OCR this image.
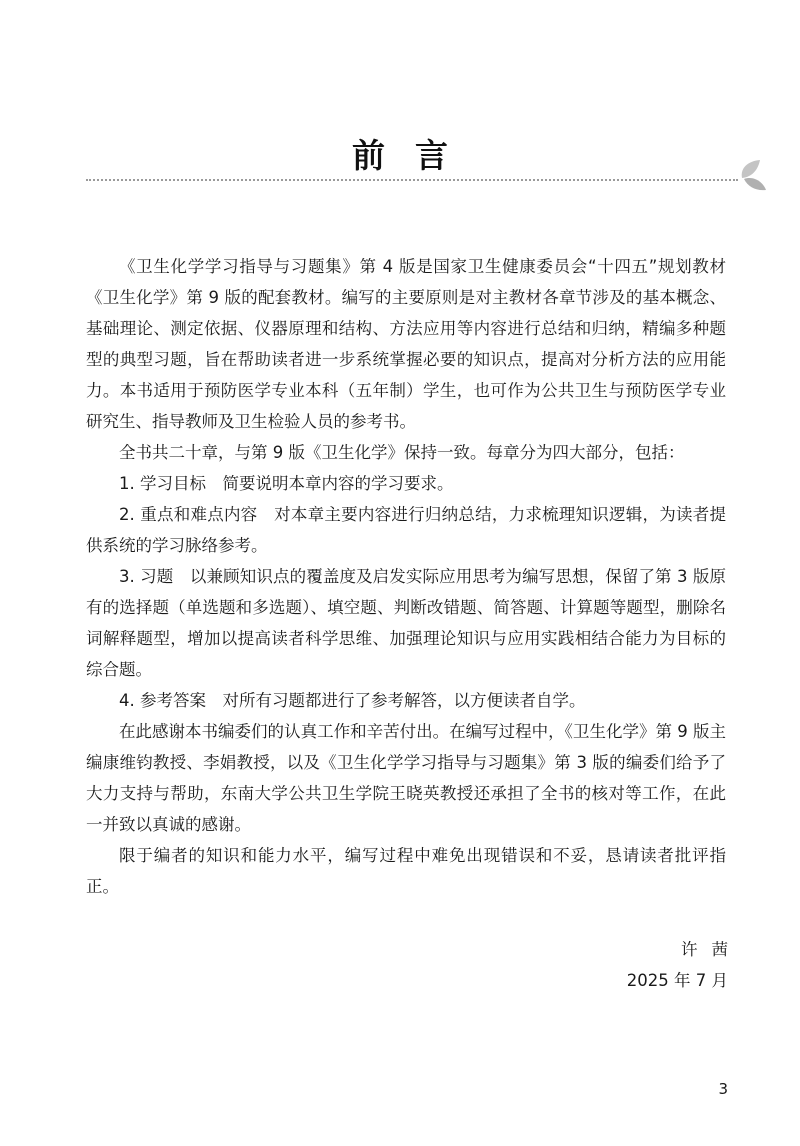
前言

《卫生化学学习指导与习题集》第 4 版是国家卫生健康委员会“十四五”规划教材《卫生化学》第 9 版的配套教材。编写的主要原则是对主教材各章节涉及的基本概念、基础理论、测定依据、仪器原理和结构、方法应用等内容进行总结和归纳，精编多种题型的典型习题，旨在帮助读者进一步系统掌握必要的知识点，提高对分析方法的应用能力。本书适用于预防医学专业本科（五年制）学生，也可作为公共卫生与预防医学专业研究生、指导教师及卫生检验人员的参考书。

全书共二十章，与第 9 版《卫生化学》保持一致。每章分为四大部分，包括：

1. 学习目标　简要说明本章内容的学习要求。

2. 重点和难点内容　对本章主要内容进行归纳总结，力求梳理知识逻辑，为读者提供系统的学习脉络参考。

3. 习题　以兼顾知识点的覆盖度及启发实际应用思考为编写思想，保留了第 3 版原有的选择题（单选题和多选题）、填空题、判断改错题、简答题、计算题等题型，删除名词解释题型，增加以提高读者科学思维、加强理论知识与应用实践相结合能力为目标的综合题。

4. 参考答案　对所有习题都进行了参考解答，以方便读者自学。

在此感谢本书编委们的认真工作和辛苦付出。在编写过程中，《卫生化学》第 9 版主编康维钧教授、李娟教授，以及《卫生化学学习指导与习题集》第 3 版的编委们给予了大力支持与帮助，东南大学公共卫生学院王晓英教授还承担了全书的核对等工作，在此一并致以真诚的感谢。

限于编者的知识和能力水平，编写过程中难免出现错误和不妥，恳请读者批评指正。

许茜
2025 年 7 月
3
